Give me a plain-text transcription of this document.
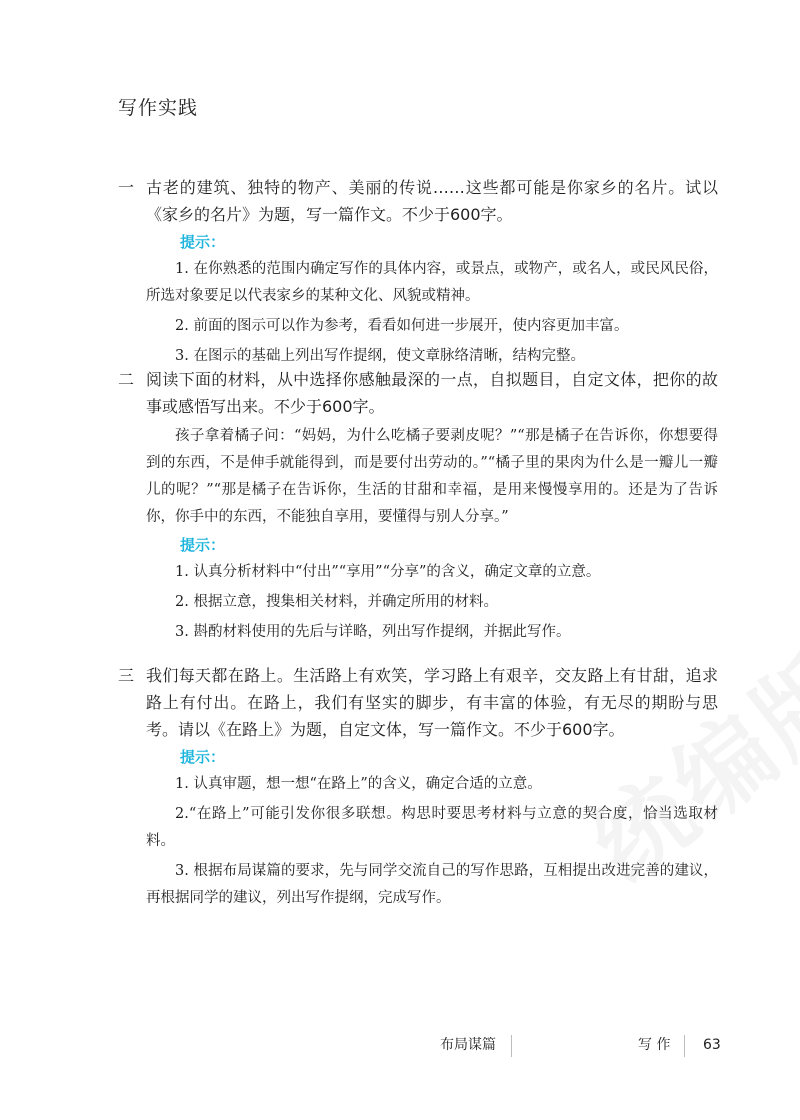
写作实践
一 古老的建筑、独特的物产、美丽的传说……这些都可能是你家乡的名片。试以《家乡的名片》为题，写一篇作文。不少于600字。
提示：
1. 在你熟悉的范围内确定写作的具体内容，或景点，或物产，或名人，或民风民俗，所选对象要足以代表家乡的某种文化、风貌或精神。
2. 前面的图示可以作为参考，看看如何进一步展开，使内容更加丰富。
3. 在图示的基础上列出写作提纲，使文章脉络清晰，结构完整。
二 阅读下面的材料，从中选择你感触最深的一点，自拟题目，自定文体，把你的故事或感悟写出来。不少于600字。
孩子拿着橘子问：“妈妈，为什么吃橘子要剥皮呢？”“那是橘子在告诉你，你想要得到的东西，不是伸手就能得到，而是要付出劳动的。”“橘子里的果肉为什么是一瓣儿一瓣儿的呢？”“那是橘子在告诉你，生活的甘甜和幸福，是用来慢慢享用的。还是为了告诉你，你手中的东西，不能独自享用，要懂得与别人分享。”
提示：
1. 认真分析材料中“付出”“享用”“分享”的含义，确定文章的立意。
2. 根据立意，搜集相关材料，并确定所用的材料。
3. 斟酌材料使用的先后与详略，列出写作提纲，并据此写作。
三 我们每天都在路上。生活路上有欢笑，学习路上有艰辛，交友路上有甘甜，追求路上有付出。在路上，我们有坚实的脚步，有丰富的体验，有无尽的期盼与思考。请以《在路上》为题，自定文体，写一篇作文。不少于600字。
提示：
1. 认真审题，想一想“在路上”的含义，确定合适的立意。
2.“在路上”可能引发你很多联想。构思时要思考材料与立意的契合度，恰当选取材料。
3. 根据布局谋篇的要求，先与同学交流自己的写作思路，互相提出改进完善的建议，再根据同学的建议，列出写作提纲，完成写作。
布局谋篇	写 作 63
